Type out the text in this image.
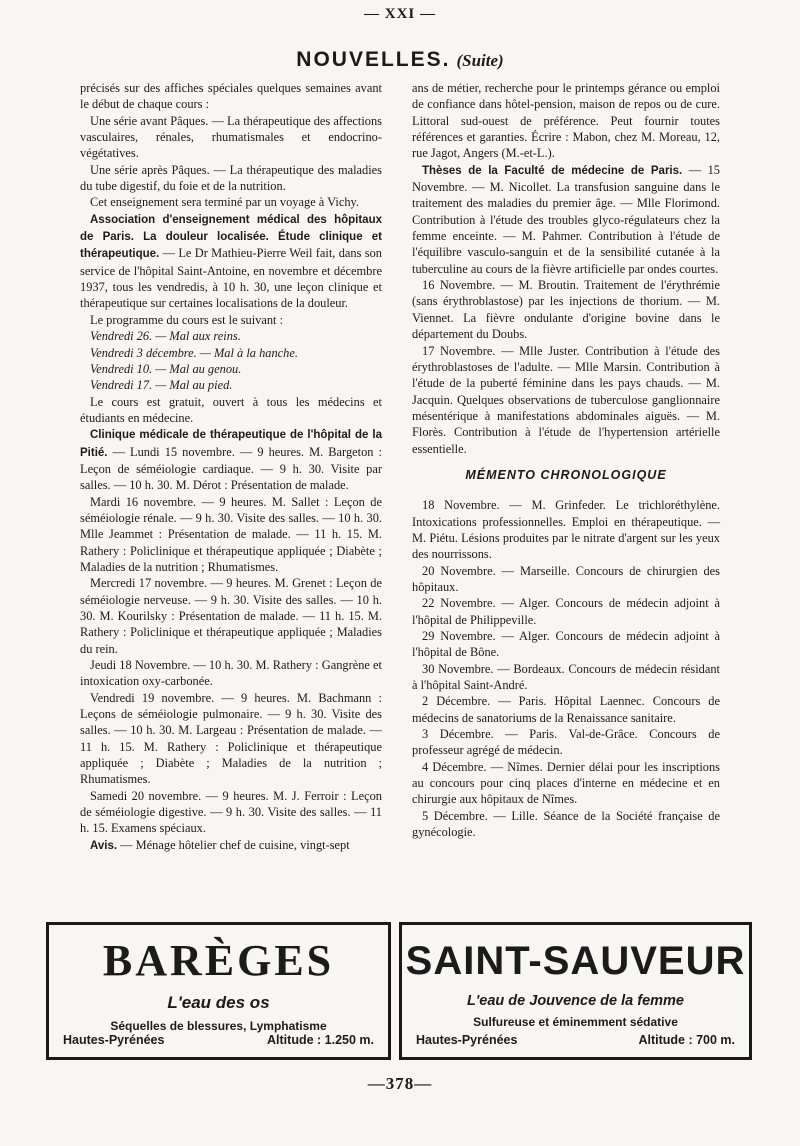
— XXI —
NOUVELLES. (Suite)

précisés sur des affiches spéciales quelques semaines avant le début de chaque cours :

Une série avant Pâques. — La thérapeutique des affections vasculaires, rénales, rhumatismales et endocrino-végétatives.

Une série après Pâques. — La thérapeutique des maladies du tube digestif, du foie et de la nutrition.

Cet enseignement sera terminé par un voyage à Vichy.

Association d'enseignement médical des hôpitaux de Paris. La douleur localisée. Étude clinique et thérapeutique. — Le Dr Mathieu-Pierre Weil fait, dans son service de l'hôpital Saint-Antoine, en novembre et décembre 1937, tous les vendredis, à 10 h. 30, une leçon clinique et thérapeutique sur certaines localisations de la douleur.

Le programme du cours est le suivant :

Vendredi 26. — Mal aux reins.

Vendredi 3 décembre. — Mal à la hanche.

Vendredi 10. — Mal au genou.

Vendredi 17. — Mal au pied.

Le cours est gratuit, ouvert à tous les médecins et étudiants en médecine.

Clinique médicale de thérapeutique de l'hôpital de la Pitié. — Lundi 15 novembre. — 9 heures. M. Bargeton : Leçon de séméiologie cardiaque. — 9 h. 30. Visite par salles. — 10 h. 30. M. Dérot : Présentation de malade.

Mardi 16 novembre. — 9 heures. M. Sallet : Leçon de séméiologie rénale. — 9 h. 30. Visite des salles. — 10 h. 30. Mlle Jeammet : Présentation de malade. — 11 h. 15. M. Rathery : Policlinique et thérapeutique appliquée ; Diabète ; Maladies de la nutrition ; Rhumatismes.

Mercredi 17 novembre. — 9 heures. M. Grenet : Leçon de séméiologie nerveuse. — 9 h. 30. Visite des salles. — 10 h. 30. M. Kourilsky : Présentation de malade. — 11 h. 15. M. Rathery : Policlinique et thérapeutique appliquée ; Maladies du rein.

Jeudi 18 Novembre. — 10 h. 30. M. Rathery : Gangrène et intoxication oxy-carbonée.

Vendredi 19 novembre. — 9 heures. M. Bachmann : Leçons de séméiologie pulmonaire. — 9 h. 30. Visite des salles. — 10 h. 30. M. Largeau : Présentation de malade. — 11 h. 15. M. Rathery : Policlinique et thérapeutique appliquée ; Diabète ; Maladies de la nutrition ; Rhumatismes.

Samedi 20 novembre. — 9 heures. M. J. Ferroir : Leçon de séméiologie digestive. — 9 h. 30. Visite des salles. — 11 h. 15. Examens spéciaux.

Avis. — Ménage hôtelier chef de cuisine, vingt-sept

ans de métier, recherche pour le printemps gérance ou emploi de confiance dans hôtel-pension, maison de repos ou de cure. Littoral sud-ouest de préférence. Peut fournir toutes références et garanties. Écrire : Mabon, chez M. Moreau, 12, rue Jagot, Angers (M.-et-L.).

Thèses de la Faculté de médecine de Paris. — 15 Novembre. — M. Nicollet. La transfusion sanguine dans le traitement des maladies du premier âge. — Mlle Florimond. Contribution à l'étude des troubles glyco-régulateurs chez la femme enceinte. — M. Pahmer. Contribution à l'étude de l'équilibre vasculo-sanguin et de la sensibilité cutanée à la tuberculine au cours de la fièvre artificielle par ondes courtes.

16 Novembre. — M. Broutin. Traitement de l'érythrémie (sans érythroblastose) par les injections de thorium. — M. Viennet. La fièvre ondulante d'origine bovine dans le département du Doubs.

17 Novembre. — Mlle Juster. Contribution à l'étude des érythroblastoses de l'adulte. — Mlle Marsin. Contribution à l'étude de la puberté féminine dans les pays chauds. — M. Jacquin. Quelques observations de tuberculose ganglionnaire mésentérique à manifestations abdominales aiguës. — M. Florès. Contribution à l'étude de l'hypertension artérielle essentielle.

MÉMENTO CHRONOLOGIQUE

18 Novembre. — M. Grinfeder. Le trichloréthylène. Intoxications professionnelles. Emploi en thérapeutique. — M. Piétu. Lésions produites par le nitrate d'argent sur les yeux des nourrissons.

20 Novembre. — Marseille. Concours de chirurgien des hôpitaux.

22 Novembre. — Alger. Concours de médecin adjoint à l'hôpital de Philippeville.

29 Novembre. — Alger. Concours de médecin adjoint à l'hôpital de Bône.

30 Novembre. — Bordeaux. Concours de médecin résidant à l'hôpital Saint-André.

2 Décembre. — Paris. Hôpital Laennec. Concours de médecins de sanatoriums de la Renaissance sanitaire.

3 Décembre. — Paris. Val-de-Grâce. Concours de professeur agrégé de médecin.

4 Décembre. — Nîmes. Dernier délai pour les inscriptions au concours pour cinq places d'interne en médecine et en chirurgie aux hôpitaux de Nîmes.

5 Décembre. — Lille. Séance de la Société française de gynécologie.

BARÈGES
L'eau des os
Séquelles de blessures, Lymphatisme
Hautes-Pyrénées	Altitude : 1.250 m.
SAINT-SAUVEUR
L'eau de Jouvence de la femme
Sulfureuse et éminemment sédative
Hautes-Pyrénées	Altitude : 700 m.
—378—
